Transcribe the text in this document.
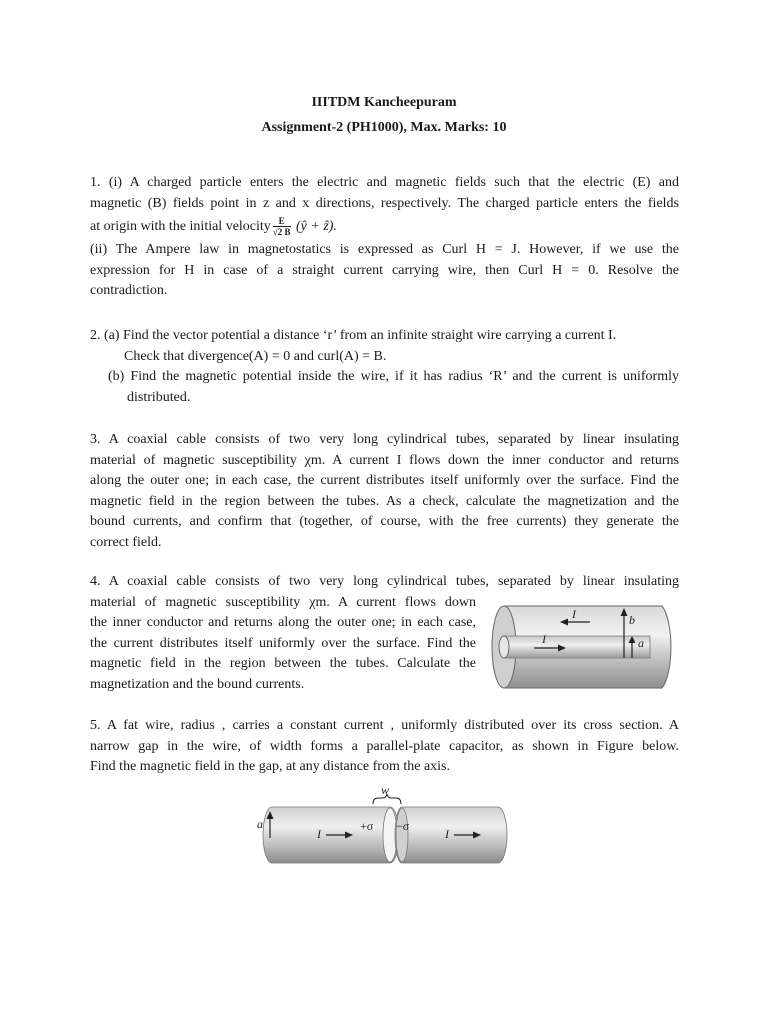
IIITDM Kancheepuram
Assignment-2 (PH1000), Max. Marks: 10
1. (i) A charged particle enters the electric and magnetic fields such that the electric (E) and
magnetic (B) fields point in z and x directions, respectively. The charged particle enters the fields
at origin with the initial velocity $\frac{E}{√2 B}$ (ŷ + ẑ).
(ii) The Ampere law in magnetostatics is expressed as Curl H = J. However, if we use the
expression for H in case of a straight current carrying wire, then Curl H = 0. Resolve the
contradiction.
2. (a) Find the vector potential a distance ‘r’ from an infinite straight wire carrying a current I.
Check that divergence(A) = 0 and curl(A) = B.
(b) Find the magnetic potential inside the wire, if it has radius ‘R’ and the current is uniformly
distributed.
3. A coaxial cable consists of two very long cylindrical tubes, separated by linear insulating
material of magnetic susceptibility χm. A current I flows down the inner conductor and returns
along the outer one; in each case, the current distributes itself uniformly over the surface. Find the
magnetic field in the region between the tubes. As a check, calculate the magnetization and the
bound currents, and confirm that (together, of course, with the free currents) they generate the
correct field.
4. A coaxial cable consists of two very long cylindrical tubes, separated by linear insulating
material of magnetic susceptibility χm. A current flows down
the inner conductor and returns along the outer one; in each case,
the current distributes itself uniformly over the surface. Find the
magnetic field in the region between the tubes. Calculate the
magnetization and the bound currents.
I
I
b
a
5. A fat wire, radius , carries a constant current , uniformly distributed over its cross section. A
narrow gap in the wire, of width forms a parallel-plate capacitor, as shown in Figure below.
Find the magnetic field in the gap, at any distance from the axis.
w
a
I
+σ −σ
I
